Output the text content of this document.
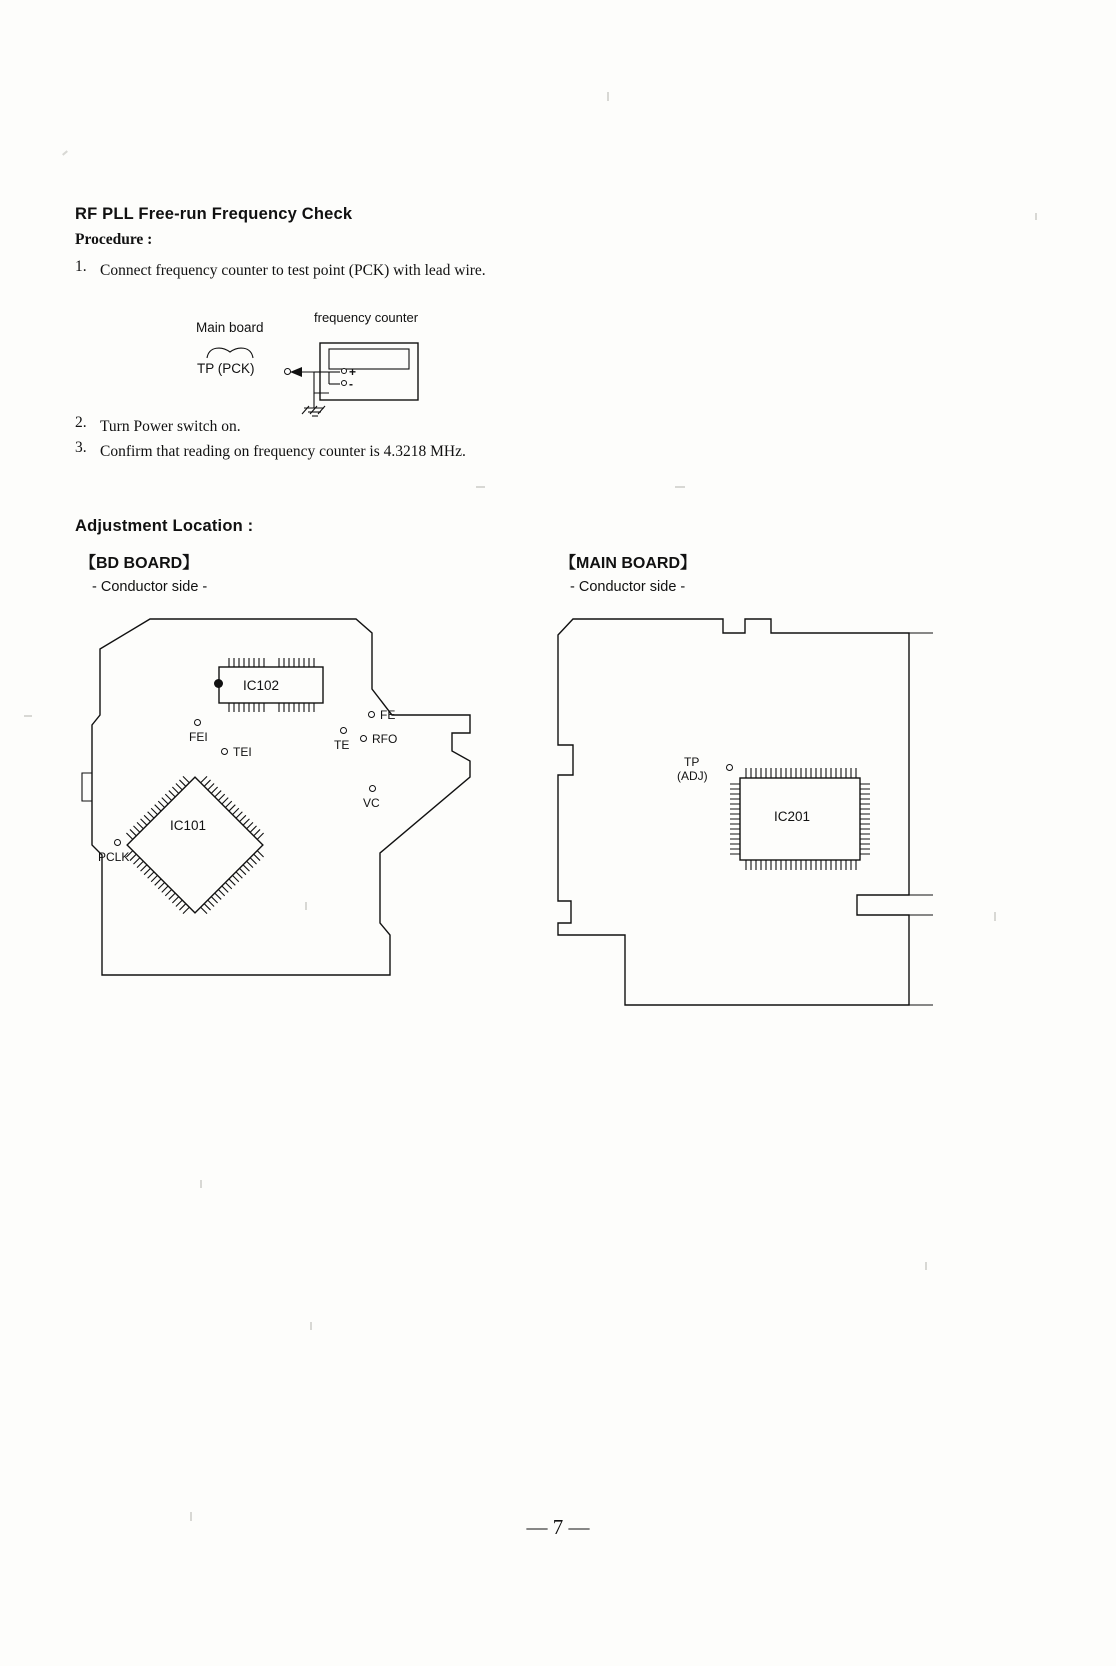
RF PLL Free-run Frequency Check
Procedure :
1. Connect frequency counter to test point (PCK) with lead wire.
Main board
frequency counter
TP (PCK)	+
-
2. Turn Power switch on.
3. Confirm that reading on frequency counter is 4.3218 MHz.
Adjustment Location :
【BD BOARD】
- Conductor side -
IC102
IC101
FEI
TEI
FE
TE RFO
VC
PCLK
【MAIN BOARD】
- Conductor side -
IC201
TP
(ADJ)
— 7 —
